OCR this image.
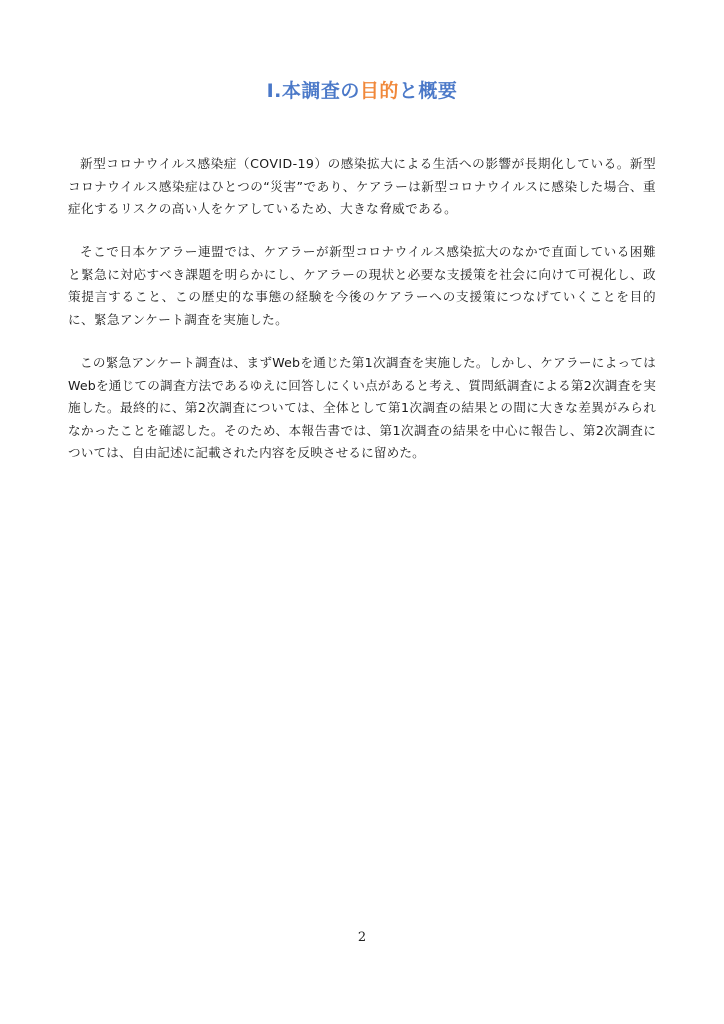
Ⅰ.本調査の目的と概要

新型コロナウイルス感染症（COVID-19）の感染拡大による生活への影響が長期化している。新型コロナウイルス感染症はひとつの“災害”であり、ケアラーは新型コロナウイルスに感染した場合、重症化するリスクの高い人をケアしているため、大きな脅威である。

そこで日本ケアラー連盟では、ケアラーが新型コロナウイルス感染拡大のなかで直面している困難と緊急に対応すべき課題を明らかにし、ケアラーの現状と必要な支援策を社会に向けて可視化し、政策提言すること、この歴史的な事態の経験を今後のケアラーへの支援策につなげていくことを目的に、緊急アンケート調査を実施した。

この緊急アンケート調査は、まずWebを通じた第1次調査を実施した。しかし、ケアラーによってはWebを通じての調査方法であるゆえに回答しにくい点があると考え、質問紙調査による第2次調査を実施した。最終的に、第2次調査については、全体として第1次調査の結果との間に大きな差異がみられなかったことを確認した。そのため、本報告書では、第1次調査の結果を中心に報告し、第2次調査については、自由記述に記載された内容を反映させるに留めた。

2
